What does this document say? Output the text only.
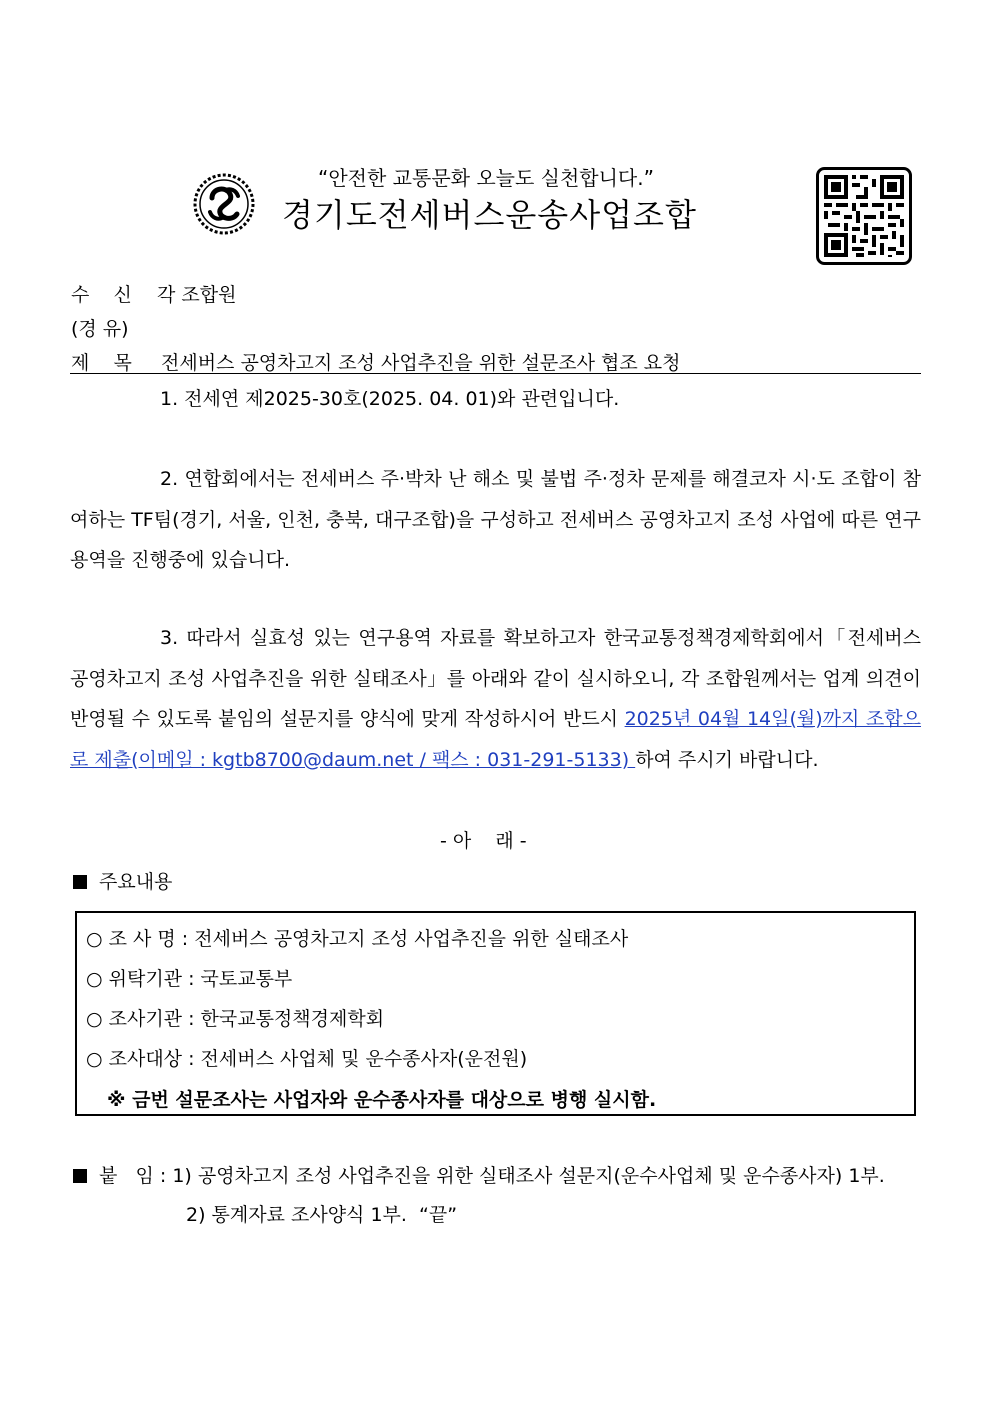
“안전한 교통문화 오늘도 실천합니다.”
경기도전세버스운송사업조합
수    신 각 조합원
(경 유)
제    목 전세버스 공영차고지 조성 사업추진을 위한 설문조사 협조 요청
1. 전세연 제2025-30호(2025. 04. 01)와 관련입니다.
2. 연합회에서는 전세버스 주·박차 난 해소 및 불법 주·정차 문제를 해결코자 시·도 조합이 참여하는 TF팀(경기, 서울, 인천, 충북, 대구조합)을 구성하고 전세버스 공영차고지 조성 사업에 따른 연구용역을 진행중에 있습니다.
3. 따라서 실효성 있는 연구용역 자료를 확보하고자 한국교통정책경제학회에서「전세버스 공영차고지 조성 사업추진을 위한 실태조사」를 아래와 같이 실시하오니, 각 조합원께서는 업계 의견이 반영될 수 있도록 붙임의 설문지를 양식에 맞게 작성하시어 반드시 2025년 04월 14일(월)까지 조합으로 제출(이메일 : kgtb8700@daum.net / 팩스 : 031-291-5133) 하여 주시기 바랍니다.
- 아    래 -
주요내용
○ 조 사 명 : 전세버스 공영차고지 조성 사업추진을 위한 실태조사
○ 위탁기관 : 국토교통부
○ 조사기관 : 한국교통정책경제학회
○ 조사대상 : 전세버스 사업체 및 운수종사자(운전원)
※ 금번 설문조사는 사업자와 운수종사자를 대상으로 병행 실시함.
붙   임 : 1) 공영차고지 조성 사업추진을 위한 실태조사 설문지(운수사업체 및 운수종사자) 1부.
2) 통계자료 조사양식 1부.  “끝”
